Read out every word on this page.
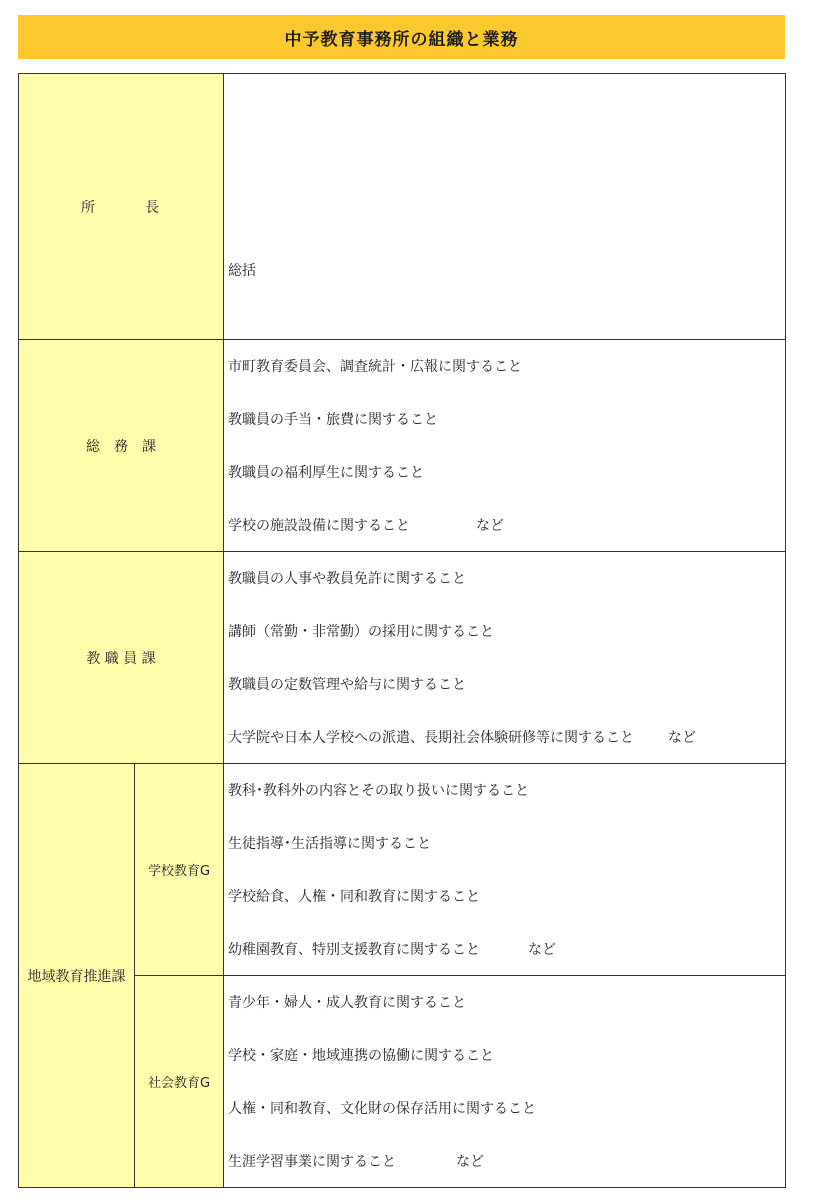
中予教育事務所の組織と業務
所　　　長		総括

総　務　課		市町教育委員会、調査統計・広報に関すること
教職員の手当・旅費に関すること
教職員の福利厚生に関すること
学校の施設設備に関すること など

教 職 員 課		教職員の人事や教員免許に関すること
講師（常勤・非常勤）の採用に関すること
教職員の定数管理や給与に関すること
大学院や日本人学校への派遣、長期社会体験研修等に関すること など

地域教育推進課	学校教育G	教科･教科外の内容とその取り扱いに関すること
生徒指導･生活指導に関すること
学校給食、人権・同和教育に関すること
幼稚園教育、特別支援教育に関すること など

	社会教育G	青少年・婦人・成人教育に関すること
学校・家庭・地域連携の協働に関すること
人権・同和教育、文化財の保存活用に関すること
生涯学習事業に関すること など
